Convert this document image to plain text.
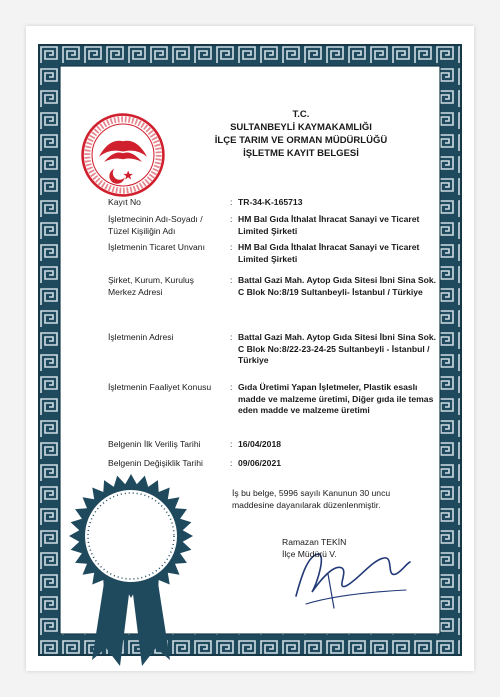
T.C.
SULTANBEYLİ KAYMAKAMLIĞI
İLÇE TARIM VE ORMAN MÜDÜRLÜĞÜ
İŞLETME KAYIT BELGESİ
Kayıt No	: TR-34-K-165713
İşletmecinin Adı-Soyadı / Tüzel Kişiliğin Adı
: HM Bal Gıda İthalat İhracat Sanayi ve Ticaret Limited Şirketi
İşletmenin Ticaret Unvanı	: HM Bal Gıda İthalat İhracat Sanayi ve Ticaret Limited Şirketi
Şirket, Kurum, Kuruluş Merkez Adresi
: Battal Gazi Mah. Aytop Gıda Sitesi İbni Sina Sok. C Blok No:8/19 Sultanbeyli- İstanbul / Türkiye
İşletmenin Adresi	: Battal Gazi Mah. Aytop Gıda Sitesi İbni Sina Sok. C Blok No:8/22-23-24-25 Sultanbeyli - İstanbul / Türkiye
İşletmenin Faaliyet Konusu	: Gıda Üretimi Yapan İşletmeler, Plastik esaslı madde ve malzeme üretimi, Diğer gıda ile temas eden madde ve malzeme üretimi
Belgenin İlk Veriliş Tarihi	: 16/04/2018
Belgenin Değişiklik Tarihi	: 09/06/2021
İş bu belge, 5996 sayılı Kanunun 30 uncu maddesine dayanılarak düzenlenmiştir.
Ramazan TEKİN
İlçe Müdürü V.
